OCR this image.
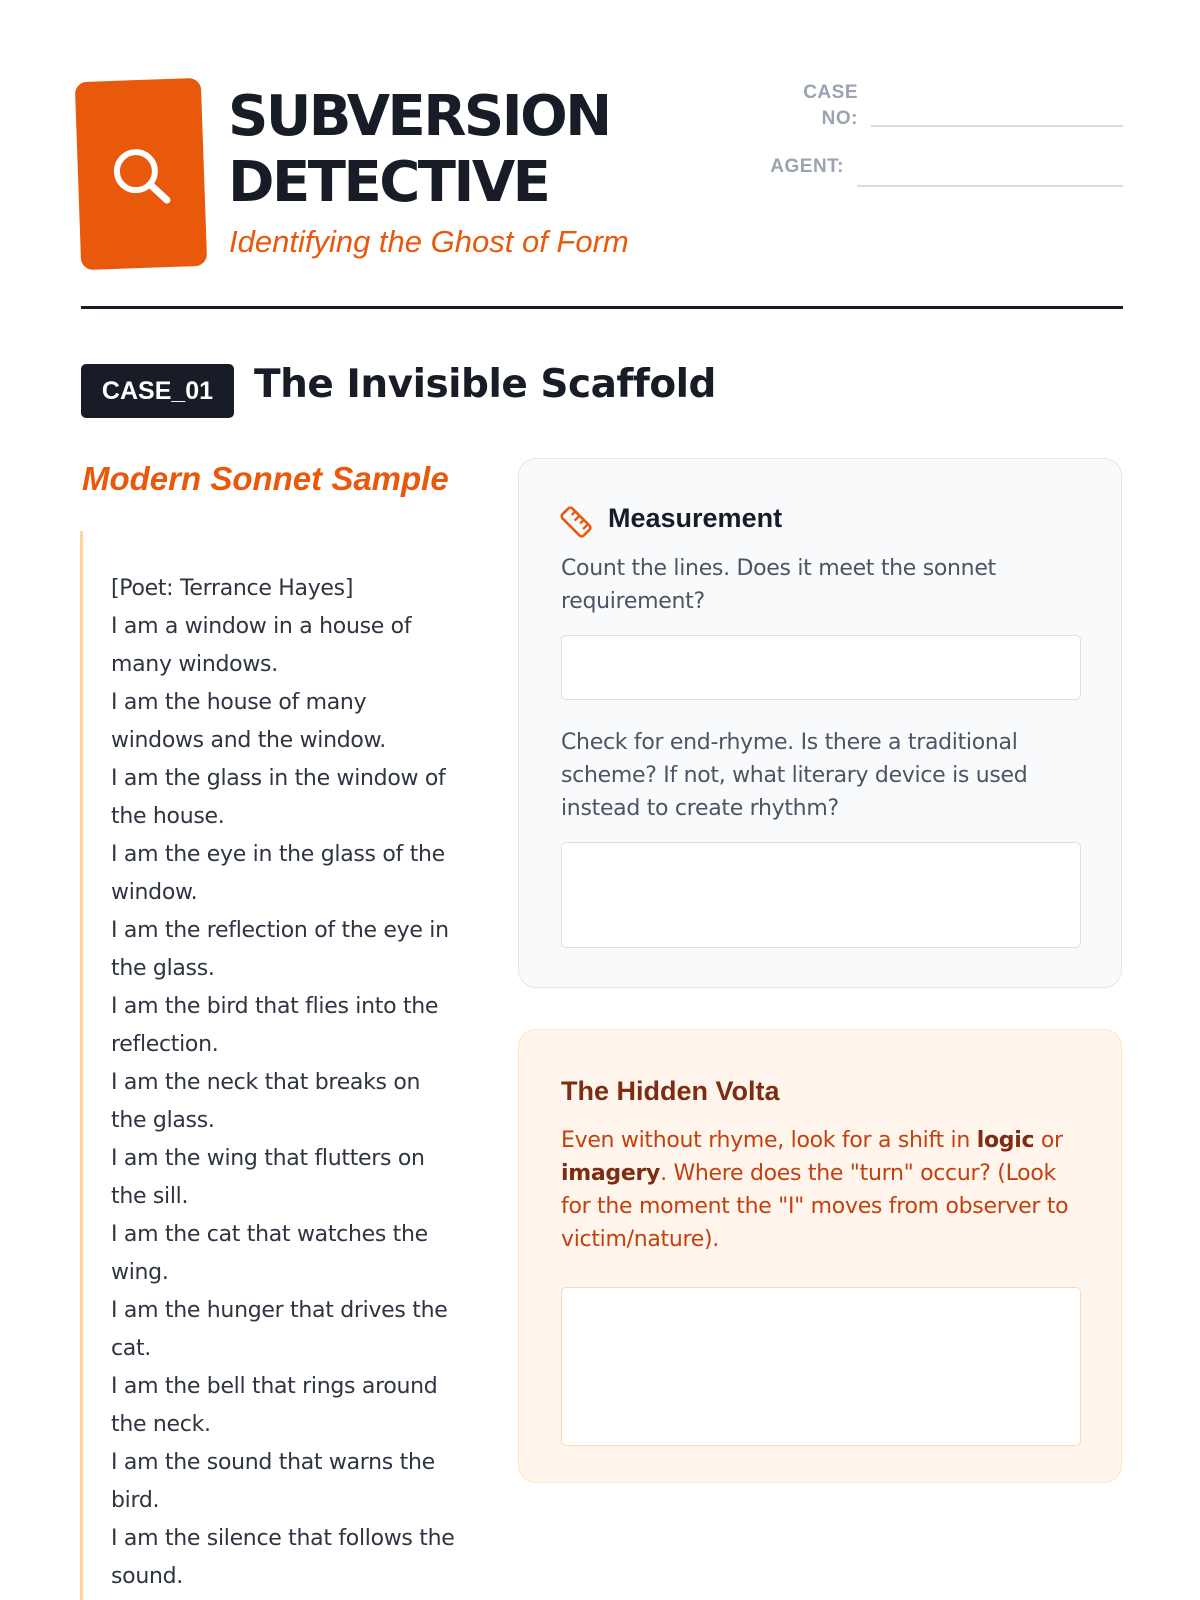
SUBVERSION
DETECTIVE
Identifying the Ghost of Form
CASE
NO:
AGENT:
CASE_01	The Invisible Scaffold
Modern Sonnet Sample
[Poet: Terrance Hayes]
I am a window in a house of
many windows.
I am the house of many
windows and the window.
I am the glass in the window of
the house.
I am the eye in the glass of the
window.
I am the reflection of the eye in
the glass.
I am the bird that flies into the
reflection.
I am the neck that breaks on
the glass.
I am the wing that flutters on
the sill.
I am the cat that watches the
wing.
I am the hunger that drives the
cat.
I am the bell that rings around
the neck.
I am the sound that warns the
bird.
I am the silence that follows the
sound.
Measurement
Count the lines. Does it meet the sonnet requirement?
Check for end-rhyme. Is there a traditional scheme? If not, what literary device is used instead to create rhythm?
The Hidden Volta
Even without rhyme, look for a shift in logic or imagery. Where does the "turn" occur? (Look for the moment the "I" moves from observer to victim/nature).
